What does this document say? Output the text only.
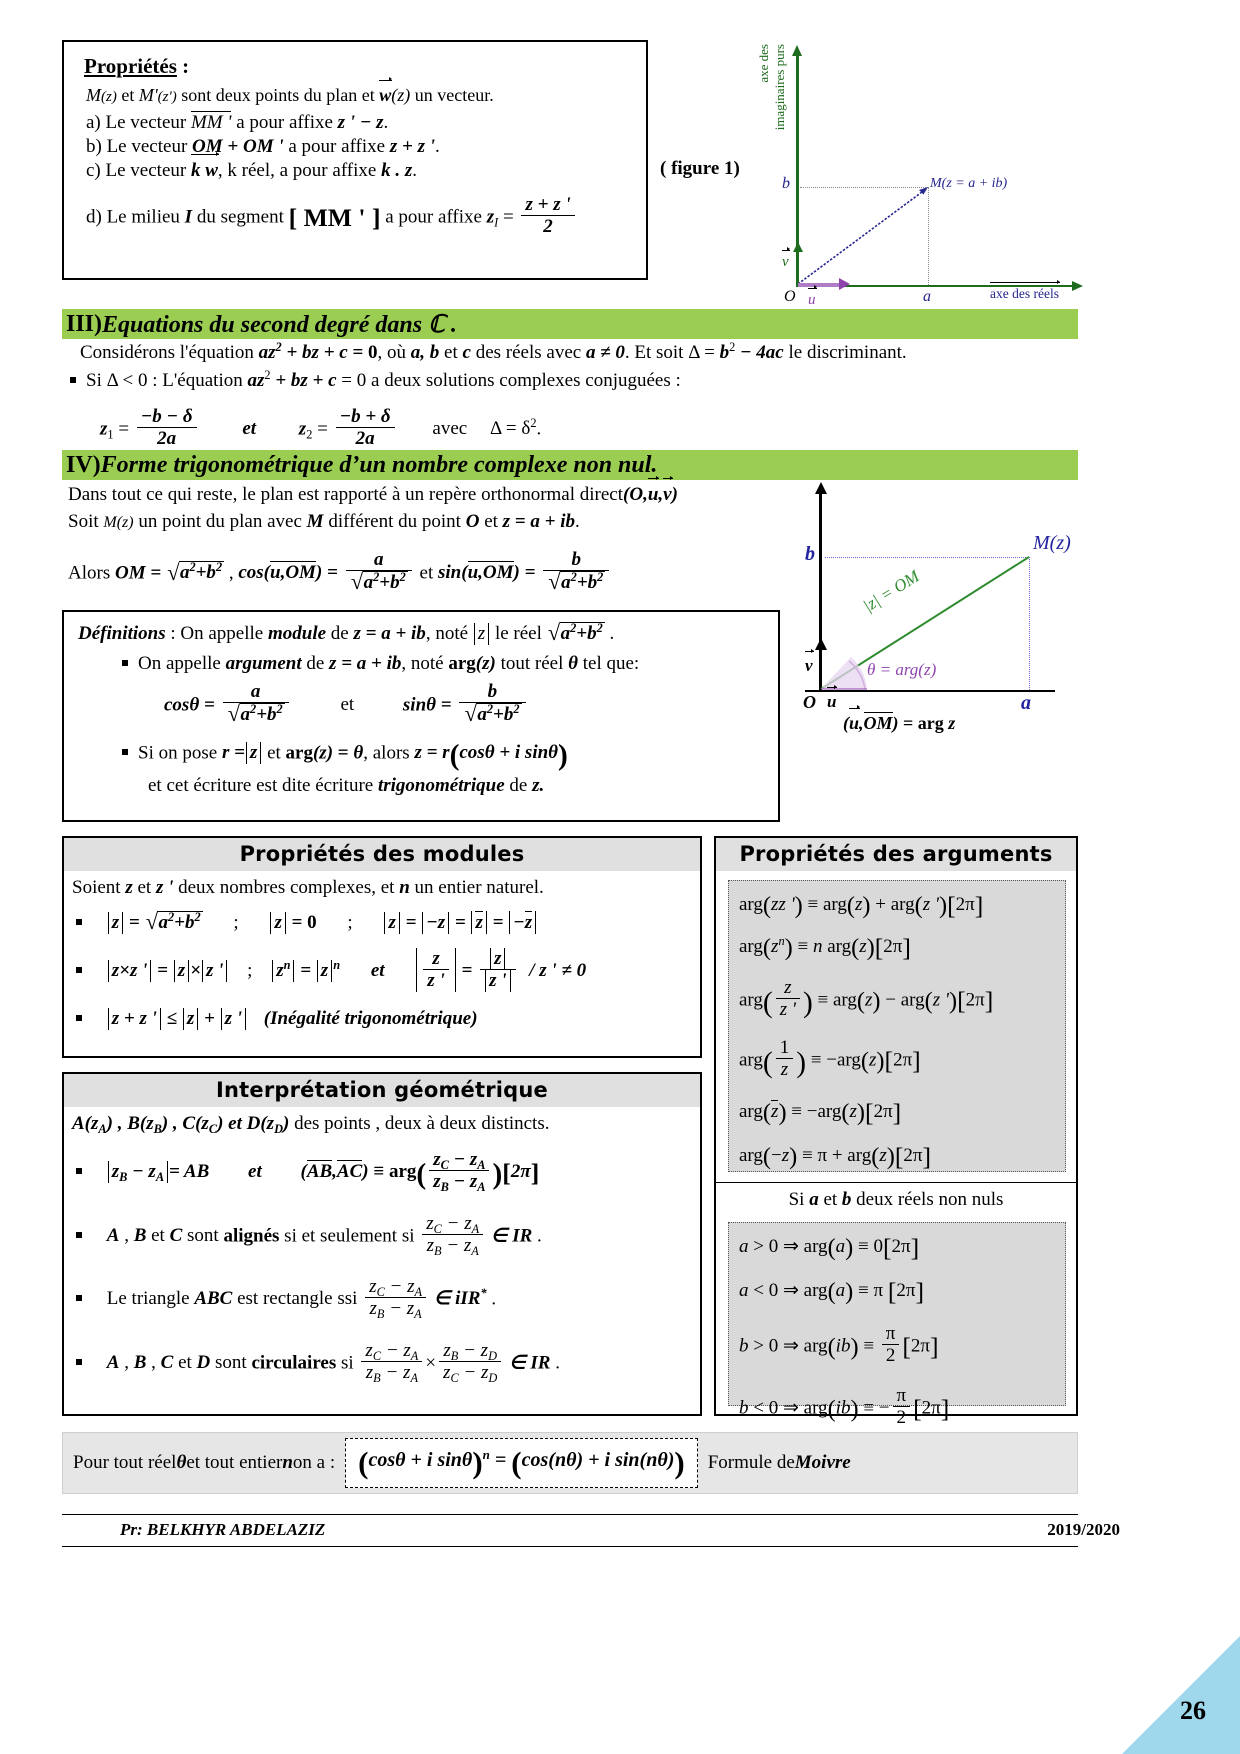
Propriétés :
M(z) et M'(z') sont deux points du plan et w(z) un vecteur.
a) Le vecteur MM ' a pour affixe z ' − z.
b) Le vecteur OM + OM ' a pour affixe z + z '.
c) Le vecteur k w, k réel, a pour affixe k . z.
d) Le milieu I du segment [ MM ' ] a pour affixe $z_I = \frac{z + z '}{2}$
( figure 1)
axe des imaginaires purs
b
v
u
O	a	axe des réels
M(z = a + ib)
III) Equations du second degré dans ℂ .
Considérons l'équation $az^2$ + bz + c = 0, où a, b et c des réels avec a ≠ 0. Et soit $\Delta = b^2 - 4ac$ le discriminant.
Si Δ < 0 : L'équation $az^2$ + bz + c = 0 a deux solutions complexes conjuguées :
$z_1 = \frac{-b - \delta}{2a}$ et $z_2 = \frac{-b + \delta}{2a}$ avec $\Delta = \delta^2$.
IV) Forme trigonométrique d’un nombre complexe non nul.
Dans tout ce qui reste, le plan est rapporté à un repère orthonormal direct(O,u,v)
Soit M(z) un point du plan avec M différent du point O et z = a + ib.
Alors OM = √ $a^2+b^2$ , cos(u,OM) = a
√ $a^2+b^2$ et sin(u,OM) = b
√ $a^2+b^2$	b
|z| = OM
θ = arg(z)
v
O u	a
M(z)
(u,OM) = arg z
Définitions : On appelle module de z = a + ib, noté z le réel √ $a^2+b^2$ .
On appelle argument de z = a + ib, noté arg(z) tout réel θ tel que:
cosθ = a
√ $a^2+b^2$	et	sinθ = b
√ $a^2+b^2$
Si on pose r = z et arg(z) = θ, alors z = r(cosθ + i sinθ)
et cet écriture est dite écriture trigonométrique de z.
Propriétés des modules
Soient z et z ' deux nombres complexes, et n un entier naturel.
z = √ $a^2+b^2$ ; z = 0 ; z = −z = z = −z
z×z ' = z × z ' ; $z^n = z$ $^n$ et $\frac{z}{z '} = \frac{z}{z '} / z$ ' ≠ 0
z + z ' ≤ z + z ' (Inégalité trigonométrique)
Propriétés des arguments
arg(zz ') ≡ arg(z) + arg(z ')[2π]
$arg(z^n) \equiv n$ arg(z)[2π]
$arg( \frac{z}{z '}$ ) ≡ arg(z) − arg(z ')[2π]
$arg( \frac{1}{z}$ ) ≡ −arg(z)[2π]
arg(z) ≡ −arg(z)[2π]
arg(−z) ≡ π + arg(z)[2π]
Si a et b deux réels non nuls
a > 0 ⇒ arg(a) ≡ 0[2π]
a < 0 ⇒ arg(a) ≡ π [2π]
b > 0 ⇒ $arg(ib) \equiv \frac{\pi}{2} [2\pi]$
b < 0 ⇒ arg(ib) ≡ − $\frac{\pi}{2} [2\pi]$
Interprétation géométrique
$A(z_A)$ , $B(z_B)$ , $C(z_C)$ et $D(z_D)$ des points , deux à deux distincts.
$z_B - z_A$ = AB et $(AB,AC) \equiv arg( \frac{z_C - z_A}{z_B - z_A} )[2\pi]$
A , B et C sont alignés si et seulement si $\frac{z_C - z_A}{z_B - z_A}$ ∈ IR .
Le triangle ABC est rectangle ssi $\frac{z_C - z_A}{z_B - z_A}$ ∈ iIR* .
A , B , C et D sont circulaires si $\frac{z_C - z_A}{z_B - z_A} \times \frac{z_B - z_D}{z_C - z_D}$ ∈ IR .
Pour tout réel θ et tout entier n on a : (cosθ + i sinθ)$^n$ = (cos(nθ) + i sin(nθ))	Formule de Moivre
Pr: BELKHYR ABDELAZIZ	2019/2020
26
